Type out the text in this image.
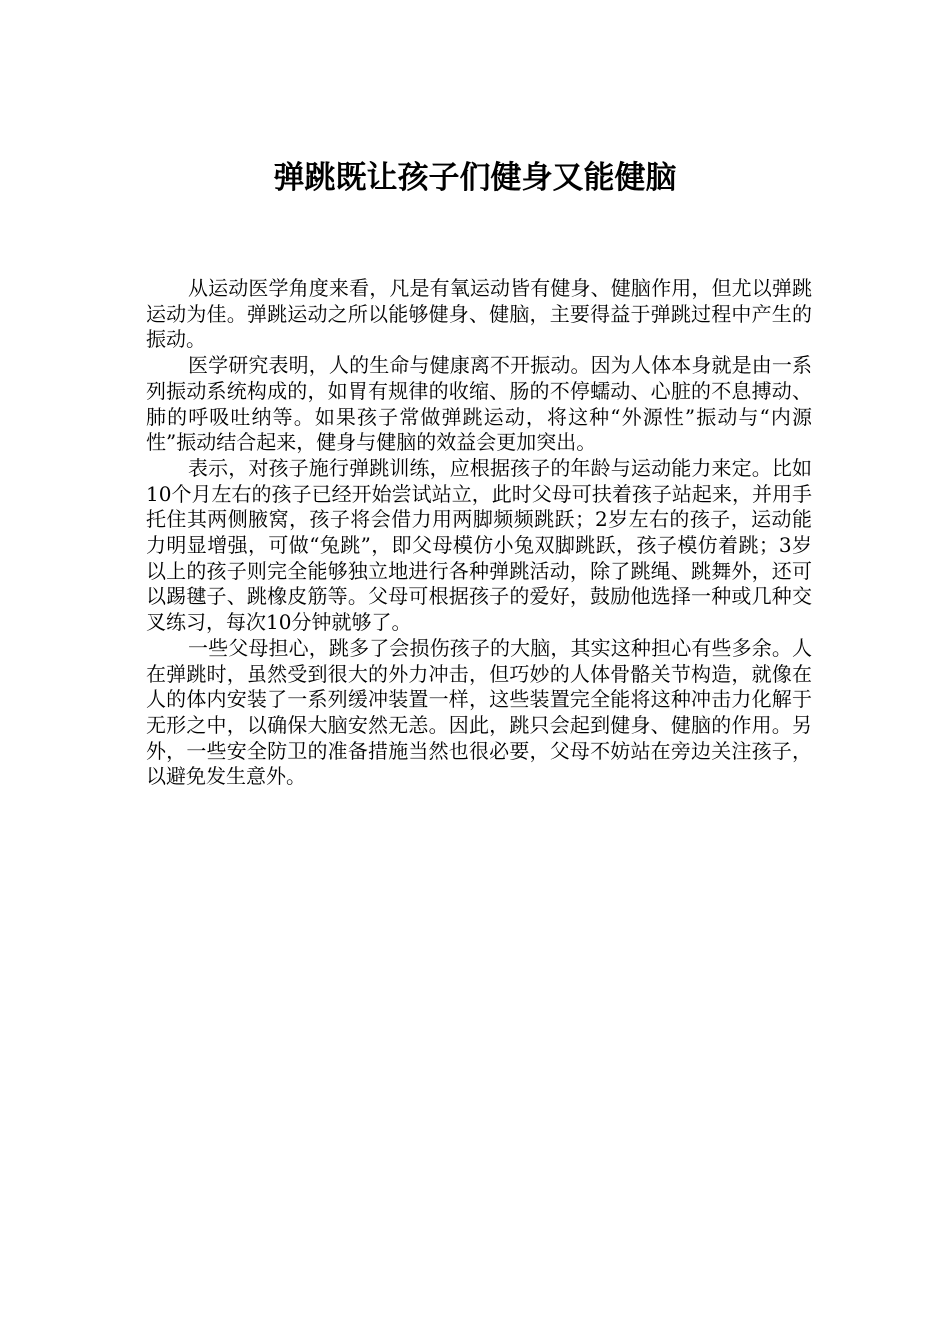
弹跳既让孩子们健身又能健脑

从运动医学角度来看，凡是有氧运动皆有健身、健脑作用，但尤以弹跳运动为佳。弹跳运动之所以能够健身、健脑，主要得益于弹跳过程中产生的振动。

医学研究表明，人的生命与健康离不开振动。因为人体本身就是由一系列振动系统构成的，如胃有规律的收缩、肠的不停蠕动、心脏的不息搏动、肺的呼吸吐纳等。如果孩子常做弹跳运动，将这种“外源性”振动与“内源性”振动结合起来，健身与健脑的效益会更加突出。

表示，对孩子施行弹跳训练，应根据孩子的年龄与运动能力来定。比如10个月左右的孩子已经开始尝试站立，此时父母可扶着孩子站起来，并用手托住其两侧腋窝，孩子将会借力用两脚频频跳跃；2岁左右的孩子，运动能力明显增强，可做“兔跳”，即父母模仿小兔双脚跳跃，孩子模仿着跳；3岁以上的孩子则完全能够独立地进行各种弹跳活动，除了跳绳、跳舞外，还可以踢毽子、跳橡皮筋等。父母可根据孩子的爱好，鼓励他选择一种或几种交叉练习，每次10分钟就够了。

一些父母担心，跳多了会损伤孩子的大脑，其实这种担心有些多余。人在弹跳时，虽然受到很大的外力冲击，但巧妙的人体骨骼关节构造，就像在人的体内安装了一系列缓冲装置一样，这些装置完全能将这种冲击力化解于无形之中，以确保大脑安然无恙。因此，跳只会起到健身、健脑的作用。另外，一些安全防卫的准备措施当然也很必要，父母不妨站在旁边关注孩子，以避免发生意外。
